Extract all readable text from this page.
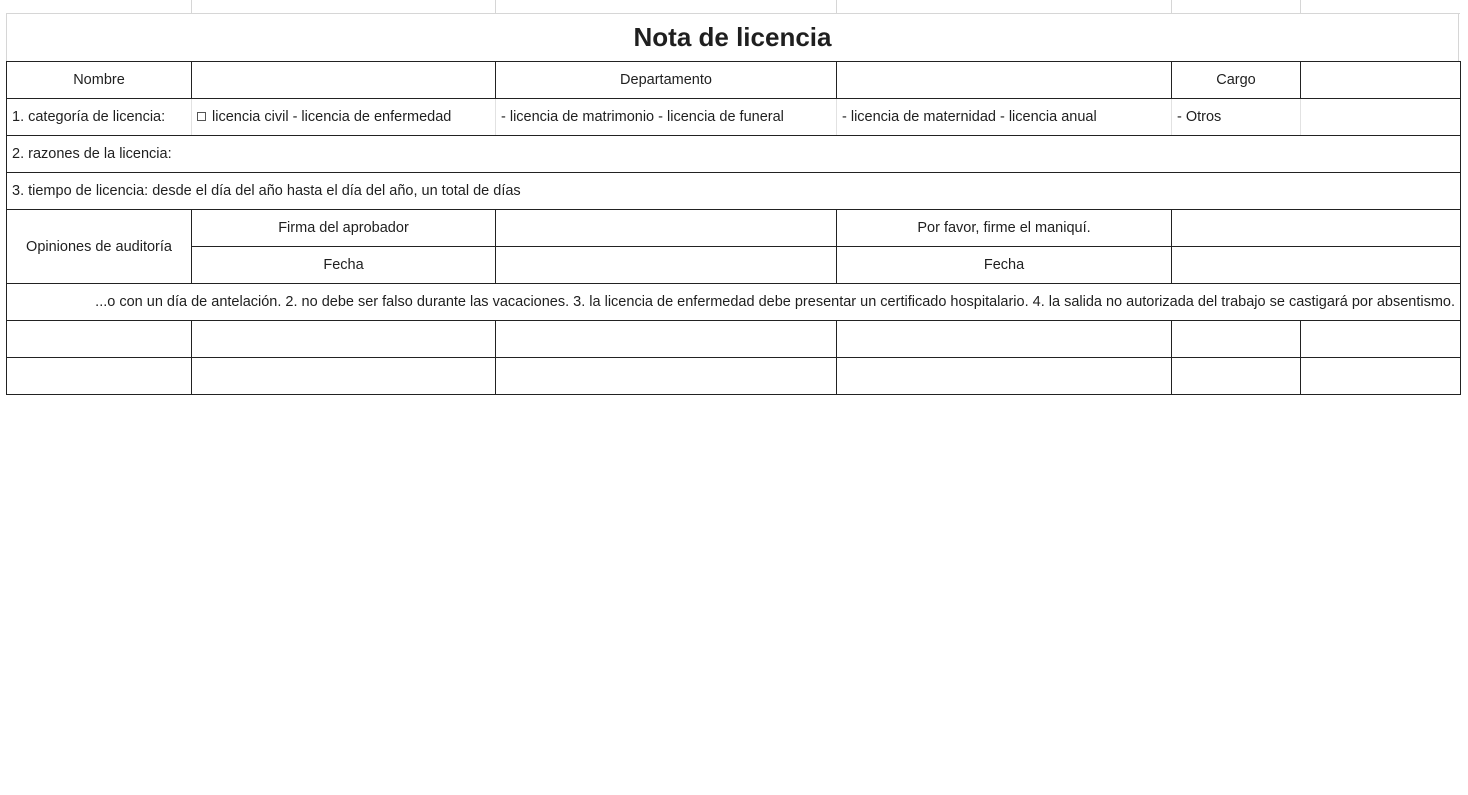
Nota de licencia
Nombre		Departamento		Cargo	
1. categoría de licencia:	licencia civil - licencia de enfermedad	- licencia de matrimonio - licencia de funeral	- licencia de maternidad - licencia anual	- Otros	
2. razones de la licencia:					
3. tiempo de licencia: desde el día del año hasta el día del año, un total de días					
Opiniones de auditoría	Firma del aprobador		Por favor, firme el maniquí.		
	Fecha		Fecha		

...o con un día de antelación. 2. no debe ser falso durante las vacaciones. 3. la licencia de enfermedad debe presentar un certificado hospitalario. 4. la salida no autorizada del trabajo se castigará por absentismo.					
